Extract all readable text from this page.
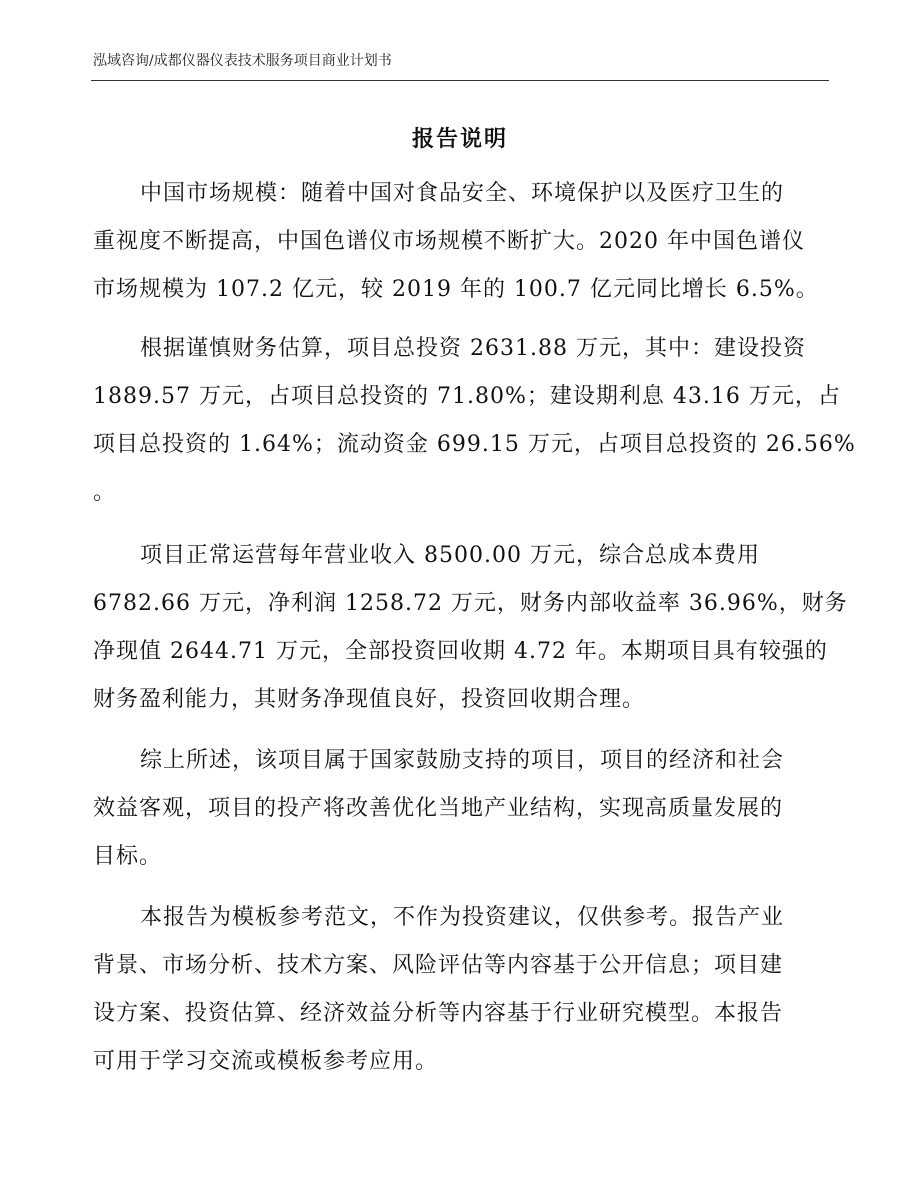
泓域咨询/成都仪器仪表技术服务项目商业计划书
报告说明

中国市场规模：随着中国对食品安全、环境保护以及医疗卫生的
重视度不断提高，中国色谱仪市场规模不断扩大。2020 年中国色谱仪
市场规模为 107.2 亿元，较 2019 年的 100.7 亿元同比增长 6.5%。

根据谨慎财务估算，项目总投资 2631.88 万元，其中：建设投资
1889.57 万元，占项目总投资的 71.80%；建设期利息 43.16 万元，占
项目总投资的 1.64%；流动资金 699.15 万元，占项目总投资的 26.56%
。

项目正常运营每年营业收入 8500.00 万元，综合总成本费用
6782.66 万元，净利润 1258.72 万元，财务内部收益率 36.96%，财务
净现值 2644.71 万元，全部投资回收期 4.72 年。本期项目具有较强的
财务盈利能力，其财务净现值良好，投资回收期合理。

综上所述，该项目属于国家鼓励支持的项目，项目的经济和社会
效益客观，项目的投产将改善优化当地产业结构，实现高质量发展的
目标。

本报告为模板参考范文，不作为投资建议，仅供参考。报告产业
背景、市场分析、技术方案、风险评估等内容基于公开信息；项目建
设方案、投资估算、经济效益分析等内容基于行业研究模型。本报告
可用于学习交流或模板参考应用。
